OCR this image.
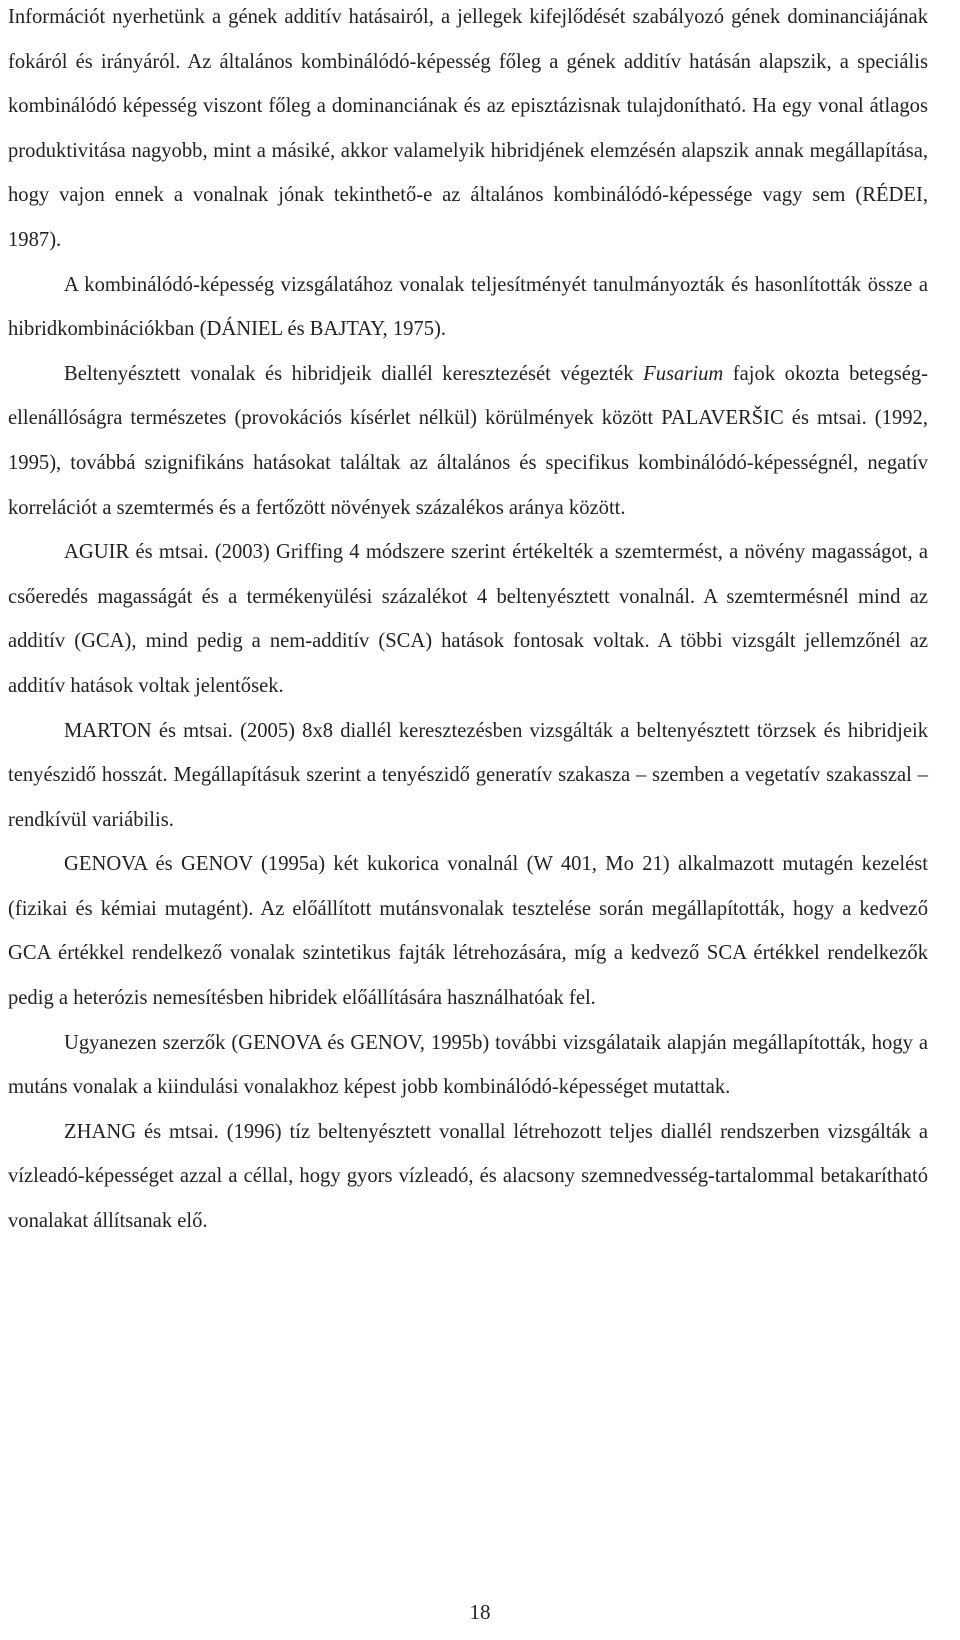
Információt nyerhetünk a gének additív hatásairól, a jellegek kifejlődését szabályozó gének dominanciájának fokáról és irányáról. Az általános kombinálódó-képesség főleg a gének additív hatásán alapszik, a speciális kombinálódó képesség viszont főleg a dominanciának és az episztázisnak tulajdonítható. Ha egy vonal átlagos produktivitása nagyobb, mint a másiké, akkor valamelyik hibridjének elemzésén alapszik annak megállapítása, hogy vajon ennek a vonalnak jónak tekinthető-e az általános kombinálódó-képessége vagy sem (RÉDEI, 1987).

A kombinálódó-képesség vizsgálatához vonalak teljesítményét tanulmányozták és hasonlították össze a hibridkombinációkban (DÁNIEL és BAJTAY, 1975).

Beltenyésztett vonalak és hibridjeik diallél keresztezését végezték Fusarium fajok okozta betegség-ellenállóságra természetes (provokációs kísérlet nélkül) körülmények között PALAVERŠIC és mtsai. (1992, 1995), továbbá szignifikáns hatásokat találtak az általános és specifikus kombinálódó-képességnél, negatív korrelációt a szemtermés és a fertőzött növények százalékos aránya között.

AGUIR és mtsai. (2003) Griffing 4 módszere szerint értékelték a szemtermést, a növény magasságot, a csőeredés magasságát és a termékenyülési százalékot 4 beltenyésztett vonalnál. A szemtermésnél mind az additív (GCA), mind pedig a nem-additív (SCA) hatások fontosak voltak. A többi vizsgált jellemzőnél az additív hatások voltak jelentősek.

MARTON és mtsai. (2005) 8x8 diallél keresztezésben vizsgálták a beltenyésztett törzsek és hibridjeik tenyészidő hosszát. Megállapításuk szerint a tenyészidő generatív szakasza – szemben a vegetatív szakasszal – rendkívül variábilis.

GENOVA és GENOV (1995a) két kukorica vonalnál (W 401, Mo 21) alkalmazott mutagén kezelést (fizikai és kémiai mutagént). Az előállított mutánsvonalak tesztelése során megállapították, hogy a kedvező GCA értékkel rendelkező vonalak szintetikus fajták létrehozására, míg a kedvező SCA értékkel rendelkezők pedig a heterózis nemesítésben hibridek előállítására használhatóak fel.

Ugyanezen szerzők (GENOVA és GENOV, 1995b) további vizsgálataik alapján megállapították, hogy a mutáns vonalak a kiindulási vonalakhoz képest jobb kombinálódó-képességet mutattak.

ZHANG és mtsai. (1996) tíz beltenyésztett vonallal létrehozott teljes diallél rendszerben vizsgálták a vízleadó-képességet azzal a céllal, hogy gyors vízleadó, és alacsony szemnedvesség-tartalommal betakarítható vonalakat állítsanak elő.

18
